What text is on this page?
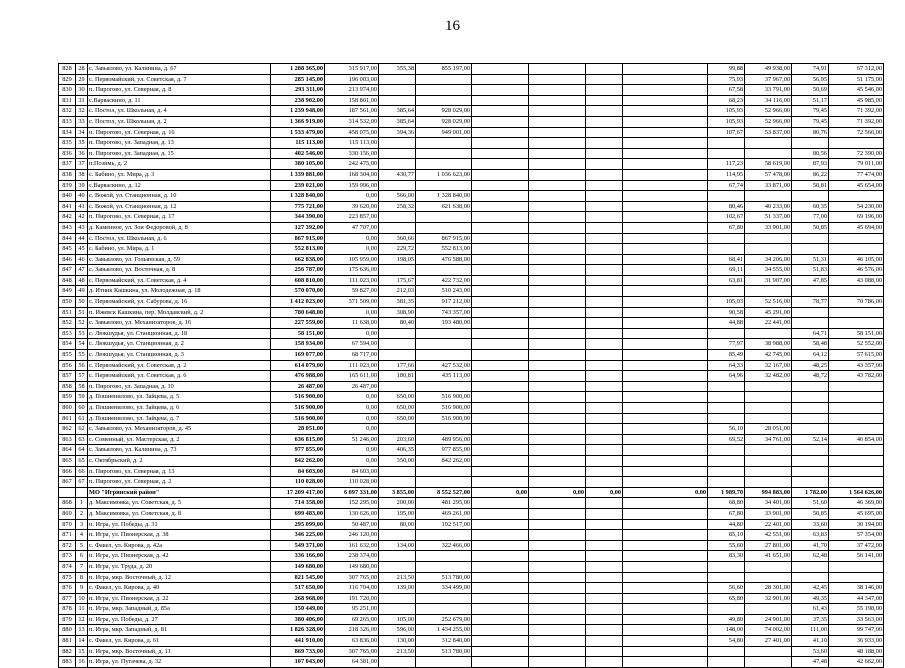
16
828	28	с. Завьялово, ул. Калинина, д. 67	1 288 365,00	315 917,00	355,38	855 197,00					99,88	49 938,00	74,91	67 312,00
829	29	с. Первомайский, ул. Советская, д. 7	285 145,00	196 003,00							75,93	37 967,00	56,95	51 175,00
830	30	п. Пирогово, ул. Северная, д. 8	293 311,00	213 974,00							67,58	33 791,00	50,69	45 546,00
831	31	с.Варваскино, д. 11	238 902,00	158 801,00							68,23	34 116,00	51,17	45 985,00
832	32	с. Постол, ул. Школьная, д. 4	1 239 948,00	187 561,00	385,64	928 029,00					105,93	52 966,00	79,45	71 392,00
833	33	с. Постол, ул. Школьная, д. 2	1 366 919,00	314 532,00	385,64	928 029,00					105,93	52 966,00	79,45	71 392,00
834	34	п. Пирогово, ул. Северная, д. 16	1 533 479,00	458 075,00	394,36	949 001,00					107,67	53 837,00	80,76	72 566,00
835	35	п. Пирогово, ул. Западная, д. 13	115 113,00	115 113,00										
836	36	п. Пирогово, ул. Западная, д. 15	402 546,00	330 156,00									80,56	72 390,00
837	37	п.Позимь, д. 2	380 105,00	242 475,00							117,23	58 619,00	87,93	79 011,00
838	38	с. Бабино, ул. Мира, д. 3	1 339 881,00	168 304,00	430,77	1 036 623,00					114,95	57 478,00	86,22	77 474,00
839	39	с.Варваскино, д. 12	239 021,00	159 996,00							67,74	33 871,00	50,81	45 654,00
840	40	с. Вожой, ул. Станционная, д. 10	1 328 840,00	0,00	566,00	1 328 840,00								
841	41	с. Вожой, ул. Станционная, д. 12	775 721,00	39 620,00	258,32	621 638,00					80,46	40 233,00	60,35	54 230,00
842	42	п. Пирогово, ул. Северная, д. 17	344 390,00	223 857,00							102,67	51 337,00	77,00	69 196,00
843	43	д. Каменное, ул. Зои Федоровой, д. 8	127 392,00	47 707,00							67,80	33 901,00	50,85	45 694,00
844	44	с. Постол, ул. Школьная, д. 6	867 915,00	0,00	360,66	867 915,00								
845	45	с. Бабино, ул. Мира, д. 1	552 813,00	0,00	229,72	552 813,00								
846	46	с. Завьялово, ул. Гольянская, д. 59	662 838,00	105 959,00	198,05	476 588,00					68,41	34 206,00	51,31	46 105,00
847	47	с. Завьялово, ул. Восточная, д. 8	256 787,00	175 636,00							69,11	34 555,00	51,83	46 576,00
848	48	с. Первомайский, ул. Советская, д. 4	608 810,00	111 023,00	175,67	422 732,00					63,81	31 907,00	47,85	43 088,00
849	49	д. Итник Кашкина, ул. Молодежная, д. 18	570 070,00	59 827,00	212,03	510 243,00								
850	50	с. Первомайский, ул. Сабурова, д. 16	1 412 023,00	371 509,00	381,35	917 212,00					105,03	52 516,00	78,77	70 786,00
851	51	п. Ижевск Кашкина, пер. Молдавский, д. 2	780 648,00	0,00	308,90	743 357,00					90,58	45 291,00		
852	52	с. Завьялово, ул. Механизаторов, д. 16	227 559,00	11 638,00	80,40	193 480,00					44,88	22 441,00		
853	53	с. Люкшудья, ул. Станционная, д. 18	58 151,00	0,00									64,71	58 151,00
854	54	с. Люкшудья, ул. Станционная, д. 2	158 934,00	67 594,00							77,97	38 988,00	58,48	52 552,00
855	55	с. Люкшудья, ул. Станционная, д. 3	169 077,00	68 717,00							85,49	42 745,00	64,12	57 615,00
856	56	с. Первомайский, ул. Советская, д. 2	614 079,00	111 023,00	177,66	427 532,00					64,33	32 167,00	48,25	43 357,00
857	57	с. Первомайский, ул. Советская, д. 6	476 988,00	165 611,00	180,81	435 113,00					64,96	32 482,00	48,72	43 782,00
858	58	п. Пирогово, ул. Западная, д. 10	26 487,00	26 487,00										
859	59	д. Пошиенилово, ул. Зайцева, д. 5	516 900,00	0,00	650,00	516 900,00								
860	60	д. Пошиенилово, ул. Зайцева, д. 6	516 900,00	0,00	650,00	516 900,00								
861	61	д. Пошиенилово, ул. Зайцева, д. 7	516 900,00	0,00	650,00	516 900,00								
862	62	с. Завьялово, ул. Механизаторов, д. 45	28 051,00	0,00							56,10	28 051,00		
863	63	с. Соменный, ул. Мастерская, д. 2	636 815,00	51 246,00	203,60	489 956,00					69,52	34 761,00	52,14	46 854,00
864	64	с. Завьялово, ул. Калинина, д. 73	977 855,00	0,00	406,35	977 855,00								
865	65	с. Октябрьский, д. 2	842 262,00	0,00	350,00	842 262,00								
866	66	п. Пирогово, ул. Северная, д. 13	84 603,00	84 603,00										
867	67	п. Пирогово, ул. Северная, д. 2	110 028,00	110 028,00										
		МО "Игринский район"	17 209 417,00	6 097 331,00	3 855,00	8 552 527,00	0,00	0,00	0,00	0,00	1 989,70	994 883,00	1 782,00	1 564 626,00
868	1	д. Максимовка, ул. Советская, д. 5	714 358,00	152 295,00	200,00	481 295,00					68,80	34 401,00	51,60	46 369,00
869	2	д. Максимовка, ул. Советская, д. 8	699 483,00	130 626,00	195,00	469 261,00					67,80	33 901,00	50,85	45 695,00
870	3	п. Игра, ул. Победы, д. 31	295 099,00	50 487,00	80,00	192 517,00					44,80	22 401,00	33,60	30 194,00
871	4	п. Игра, ул. Пионерская, д. 38	346 225,00	246 120,00							85,10	42 551,00	63,83	57 354,00
872	5	с. Факел, ул. Кирова, д. 42а	549 371,00	161 632,00	134,00	322 466,00					55,60	27 801,00	41,70	37 472,00
873	6	п. Игра, ул. Пионерская, д. 42	336 166,00	238 374,00							83,30	41 651,00	62,48	56 141,00
874	7	п. Игра, ул. Труда, д. 20	149 680,00	149 680,00										
875	8	п. Игра, мкр. Восточный, д. 12	821 545,00	307 765,00	213,50	513 780,00								
876	9	с. Факел, ул. Кирова, д. 40	517 650,00	116 704,00	139,00	334 499,00					56,60	28 301,00	42,45	38 146,00
877	10	п. Игра, ул. Пионерская, д. 22	268 968,00	191 720,00							65,80	32 901,00	49,35	44 347,00
878	11	п. Игра, мкр. Западный, д. 85а	150 449,00	95 251,00									61,43	55 198,00
879	12	п. Игра, ул. Победы, д. 27	380 406,00	69 265,00	105,00	252 679,00					49,80	24 901,00	37,35	33 563,00
880	13	п. Игра, мкр. Западный, д. 81	1 826 328,00	218 326,00	596,00	1 434 255,00					148,00	74 002,00	111,00	99 747,00
881	14	с. Факел, ул. Кирова, д. 61	441 910,00	63 836,00	130,00	312 840,00					54,80	27 401,00	41,10	36 933,00
882	15	п. Игра, мкр. Восточный, д. 11	869 733,00	307 765,00	213,50	513 780,00							53,60	48 188,00
883	16	п. Игра, ул. Пугачева, д. 32	107 043,00	64 381,00									47,48	42 662,00
